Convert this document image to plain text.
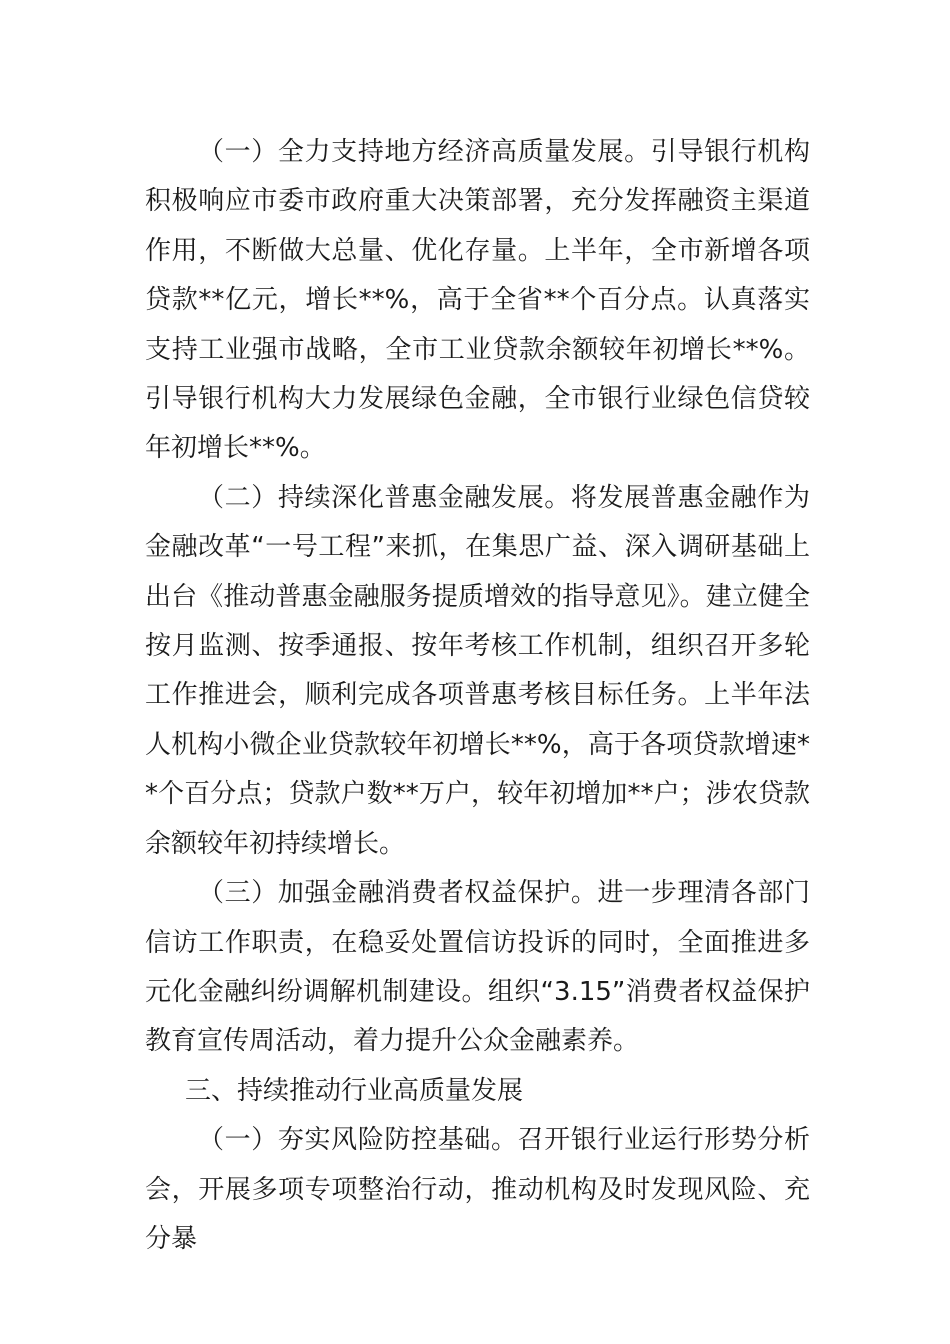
（一）全力支持地方经济高质量发展。引导银行机构积极响应市委市政府重大决策部署，充分发挥融资主渠道作用，不断做大总量、优化存量。上半年，全市新增各项贷款**亿元，增长**%，高于全省**个百分点。认真落实支持工业强市战略，全市工业贷款余额较年初增长**%。引导银行机构大力发展绿色金融，全市银行业绿色信贷较年初增长**%。

（二）持续深化普惠金融发展。将发展普惠金融作为金融改革“一号工程”来抓，在集思广益、深入调研基础上出台《推动普惠金融服务提质增效的指导意见》。建立健全按月监测、按季通报、按年考核工作机制，组织召开多轮工作推进会，顺利完成各项普惠考核目标任务。上半年法人机构小微企业贷款较年初增长**%，高于各项贷款增速**个百分点；贷款户数**万户，较年初增加**户；涉农贷款余额较年初持续增长。

（三）加强金融消费者权益保护。进一步理清各部门信访工作职责，在稳妥处置信访投诉的同时，全面推进多元化金融纠纷调解机制建设。组织“3.15”消费者权益保护教育宣传周活动，着力提升公众金融素养。

三、持续推动行业高质量发展

（一）夯实风险防控基础。召开银行业运行形势分析会，开展多项专项整治行动，推动机构及时发现风险、充分暴
